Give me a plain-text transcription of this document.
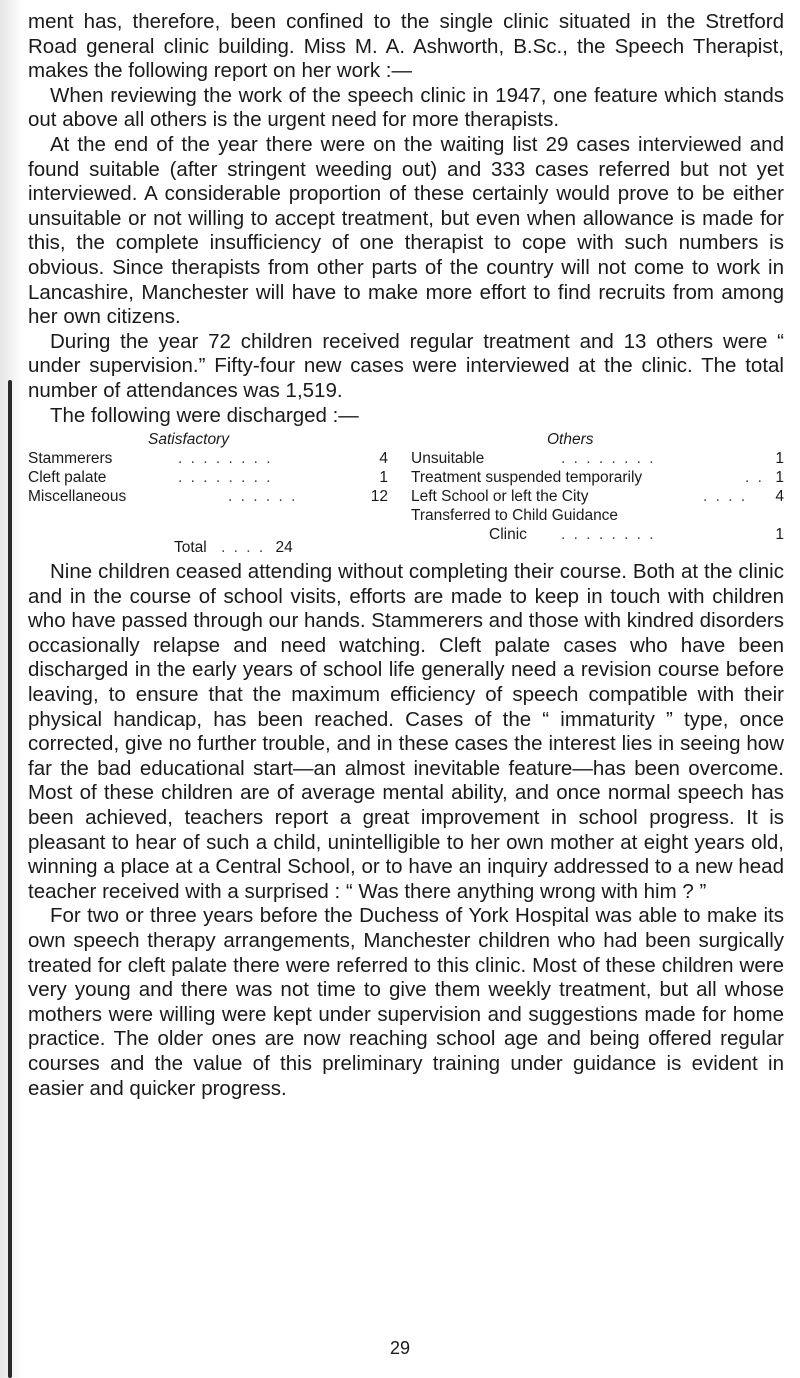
ment has, therefore, been confined to the single clinic situated in the Stretford Road general clinic building. Miss M. A. Ashworth, B.Sc., the Speech Therapist, makes the following report on her work :—

When reviewing the work of the speech clinic in 1947, one feature which stands out above all others is the urgent need for more therapists.

At the end of the year there were on the waiting list 29 cases interviewed and found suitable (after stringent weeding out) and 333 cases referred but not yet interviewed. A considerable proportion of these certainly would prove to be either unsuitable or not willing to accept treatment, but even when allowance is made for this, the complete insufficiency of one therapist to cope with such numbers is obvious. Since therapists from other parts of the country will not come to work in Lancashire, Manchester will have to make more effort to find recruits from among her own citizens.

During the year 72 children received regular treatment and 13 others were “ under supervision.” Fifty-four new cases were interviewed at the clinic. The total number of attendances was 1,519.

The following were discharged :—

Satisfactory
Stammerers	. . . . . . . .	4
Cleft palate	. . . . . . . .	1
Miscellaneous	. . . . . .	12
Others
Unsuitable	. . . . . . . .	1
Treatment suspended temporarily	. . 1
Left School or left the City	. . . . 4
Transferred to Child Guidance
Clinic . . . . . . . .	1
Total . . . . 24

Nine children ceased attending without completing their course. Both at the clinic and in the course of school visits, efforts are made to keep in touch with children who have passed through our hands. Stammerers and those with kindred disorders occasionally relapse and need watching. Cleft palate cases who have been discharged in the early years of school life generally need a revision course before leaving, to ensure that the maximum efficiency of speech compatible with their physical handicap, has been reached. Cases of the “ immaturity ” type, once corrected, give no further trouble, and in these cases the interest lies in seeing how far the bad educational start—an almost inevitable feature—has been overcome. Most of these children are of average mental ability, and once normal speech has been achieved, teachers report a great improvement in school progress. It is pleasant to hear of such a child, unintelligible to her own mother at eight years old, winning a place at a Central School, or to have an inquiry addressed to a new head teacher received with a surprised : “ Was there anything wrong with him ? ”

For two or three years before the Duchess of York Hospital was able to make its own speech therapy arrangements, Manchester children who had been surgically treated for cleft palate there were referred to this clinic. Most of these children were very young and there was not time to give them weekly treatment, but all whose mothers were willing were kept under supervision and suggestions made for home practice. The older ones are now reaching school age and being offered regular courses and the value of this preliminary training under guidance is evident in easier and quicker progress.

29
